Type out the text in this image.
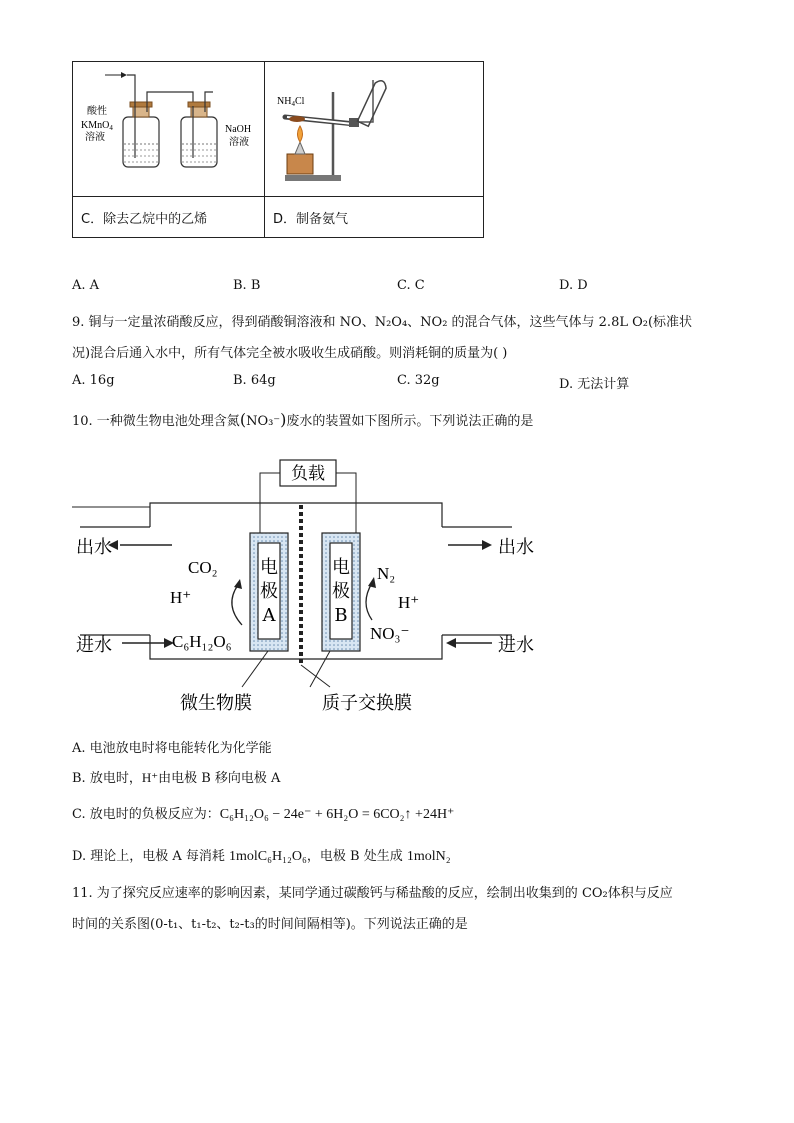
酸性
KMnO$_4$
溶液
NaOH
溶液	$NH_4Cl$

C．除去乙烷中的乙烯	D．制备氨气
A. A	B. B	C. C	D. D
9. 铜与一定量浓硝酸反应，得到硝酸铜溶液和 NO、N₂O₄、NO₂ 的混合气体，这些气体与 2.8L O₂(标准状
况)混合后通入水中，所有气体完全被水吸收生成硝酸。则消耗铜的质量为( )
A. 16g	B. 64g	C. 32g	D. 无法计算
10. 一种微生物电池处理含氮(NO₃⁻)废水的装置如下图所示。下列说法正确的是
负载
电
极
A
电
极
B
出水
进水
出水
进水
CO₂
H⁺
C₆H₁₂O₆
N₂
H⁺
NO₃⁻
微生物膜	质子交换膜
A. 电池放电时将电能转化为化学能
B. 放电时，H⁺由电极 B 移向电极 A
C. 放电时的负极反应为：C₆H₁₂O₆ − 24e⁻ + 6H₂O = 6CO₂↑ +24H⁺
D. 理论上，电极 A 每消耗 1molC₆H₁₂O₆，电极 B 处生成 1molN₂
11. 为了探究反应速率的影响因素，某同学通过碳酸钙与稀盐酸的反应，绘制出收集到的 CO₂体积与反应
时间的关系图(0-t₁、t₁-t₂、t₂-t₃的时间间隔相等)。下列说法正确的是
